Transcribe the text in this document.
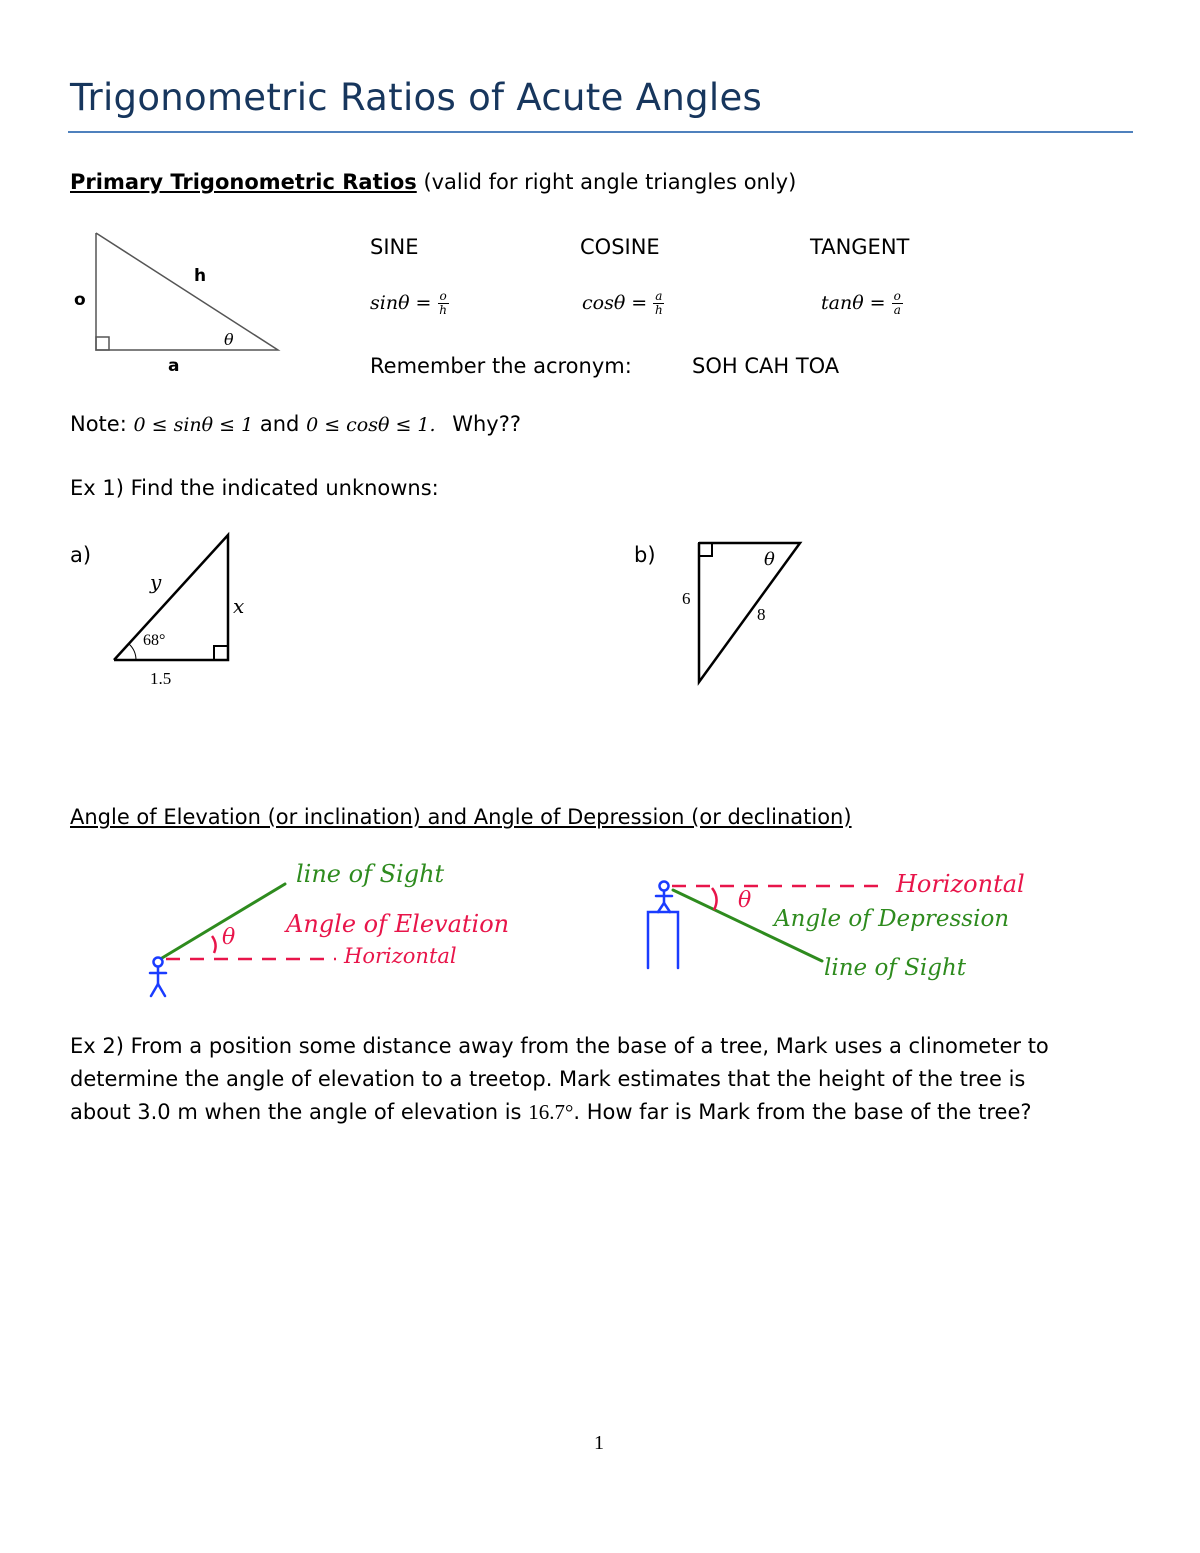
Trigonometric Ratios of Acute Angles
Primary Trigonometric Ratios (valid for right angle triangles only)
o
h
a
θ
SINE	COSINE	TANGENT
$\sin\theta = \frac{o}{h}$	$\cos\theta = \frac{a}{h}$	$\tan\theta = \frac{o}{a}$
Remember the acronym:	SOH CAH TOA
Note: 0 ≤ sinθ ≤ 1 and 0 ≤ cosθ ≤ 1. Why??
Ex 1) Find the indicated unknowns:
a)	b)
y
x
68°
1.5
θ
6
8
Angle of Elevation (or inclination) and Angle of Depression (or declination)
line of Sight
θ Angle of Elevation
Horizontal
Horizontal
θ
Angle of Depression
line of Sight
Ex 2) From a position some distance away from the base of a tree, Mark uses a clinometer to
determine the angle of elevation to a treetop. Mark estimates that the height of the tree is
about 3.0 m when the angle of elevation is 16.7°. How far is Mark from the base of the tree?
1
